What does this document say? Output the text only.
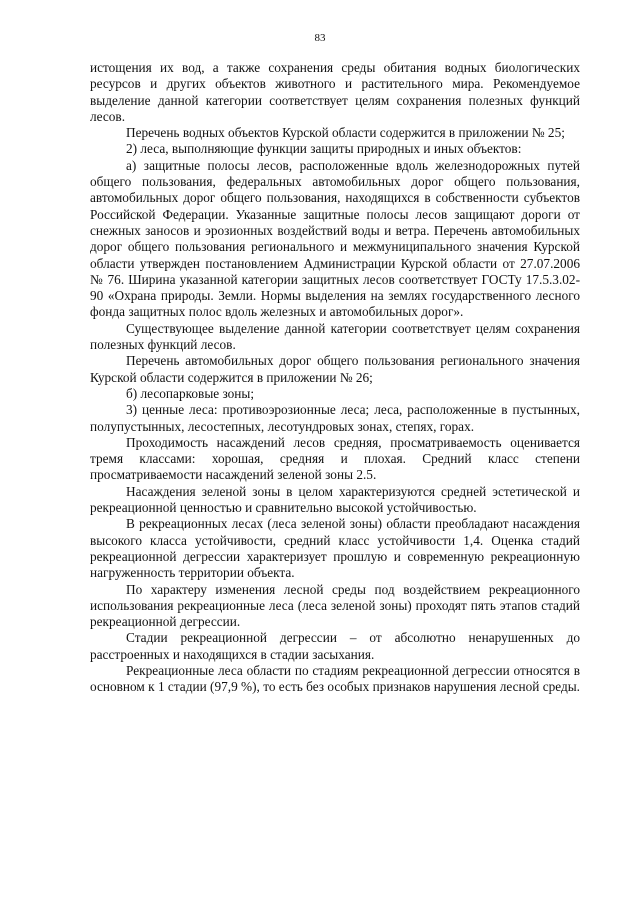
83

истощения их вод, а также сохранения среды обитания водных биологических ресурсов и других объектов животного и растительного мира. Рекомендуемое выделение данной категории соответствует целям сохранения полезных функций лесов.

Перечень водных объектов Курской области содержится в приложении № 25;

2) леса, выполняющие функции защиты природных и иных объектов:

а) защитные полосы лесов, расположенные вдоль железнодорожных путей общего пользования, федеральных автомобильных дорог общего пользования, автомобильных дорог общего пользования, находящихся в собственности субъектов Российской Федерации. Указанные защитные полосы лесов защищают дороги от снежных заносов и эрозионных воздействий воды и ветра. Перечень автомобильных дорог общего пользования регионального и межмуниципального значения Курской области утвержден постановлением Администрации Курской области от 27.07.2006 № 76. Ширина указанной категории защитных лесов соответствует ГОСТу 17.5.3.02-90 «Охрана природы. Земли. Нормы выделения на землях государственного лесного фонда защитных полос вдоль железных и автомобильных дорог».

Существующее выделение данной категории соответствует целям сохранения полезных функций лесов.

Перечень автомобильных дорог общего пользования регионального значения Курской области содержится в приложении № 26;

б) лесопарковые зоны;

3) ценные леса: противоэрозионные леса; леса, расположенные в пустынных, полупустынных, лесостепных, лесотундровых зонах, степях, горах.

Проходимость насаждений лесов средняя, просматриваемость оценивается тремя классами: хорошая, средняя и плохая. Средний класс степени просматриваемости насаждений зеленой зоны 2.5.

Насаждения зеленой зоны в целом характеризуются средней эстетической и рекреационной ценностью и сравнительно высокой устойчивостью.

В рекреационных лесах (леса зеленой зоны) области преобладают насаждения высокого класса устойчивости, средний класс устойчивости 1,4. Оценка стадий рекреационной дегрессии характеризует прошлую и современную рекреационную нагруженность территории объекта.

По характеру изменения лесной среды под воздействием рекреационного использования рекреационные леса (леса зеленой зоны) проходят пять этапов стадий рекреационной дегрессии.

Стадии рекреационной дегрессии – от абсолютно ненарушенных до расстроенных и находящихся в стадии засыхания.

Рекреационные леса области по стадиям рекреационной дегрессии относятся в основном к 1 стадии (97,9 %), то есть без особых признаков нарушения лесной среды.
